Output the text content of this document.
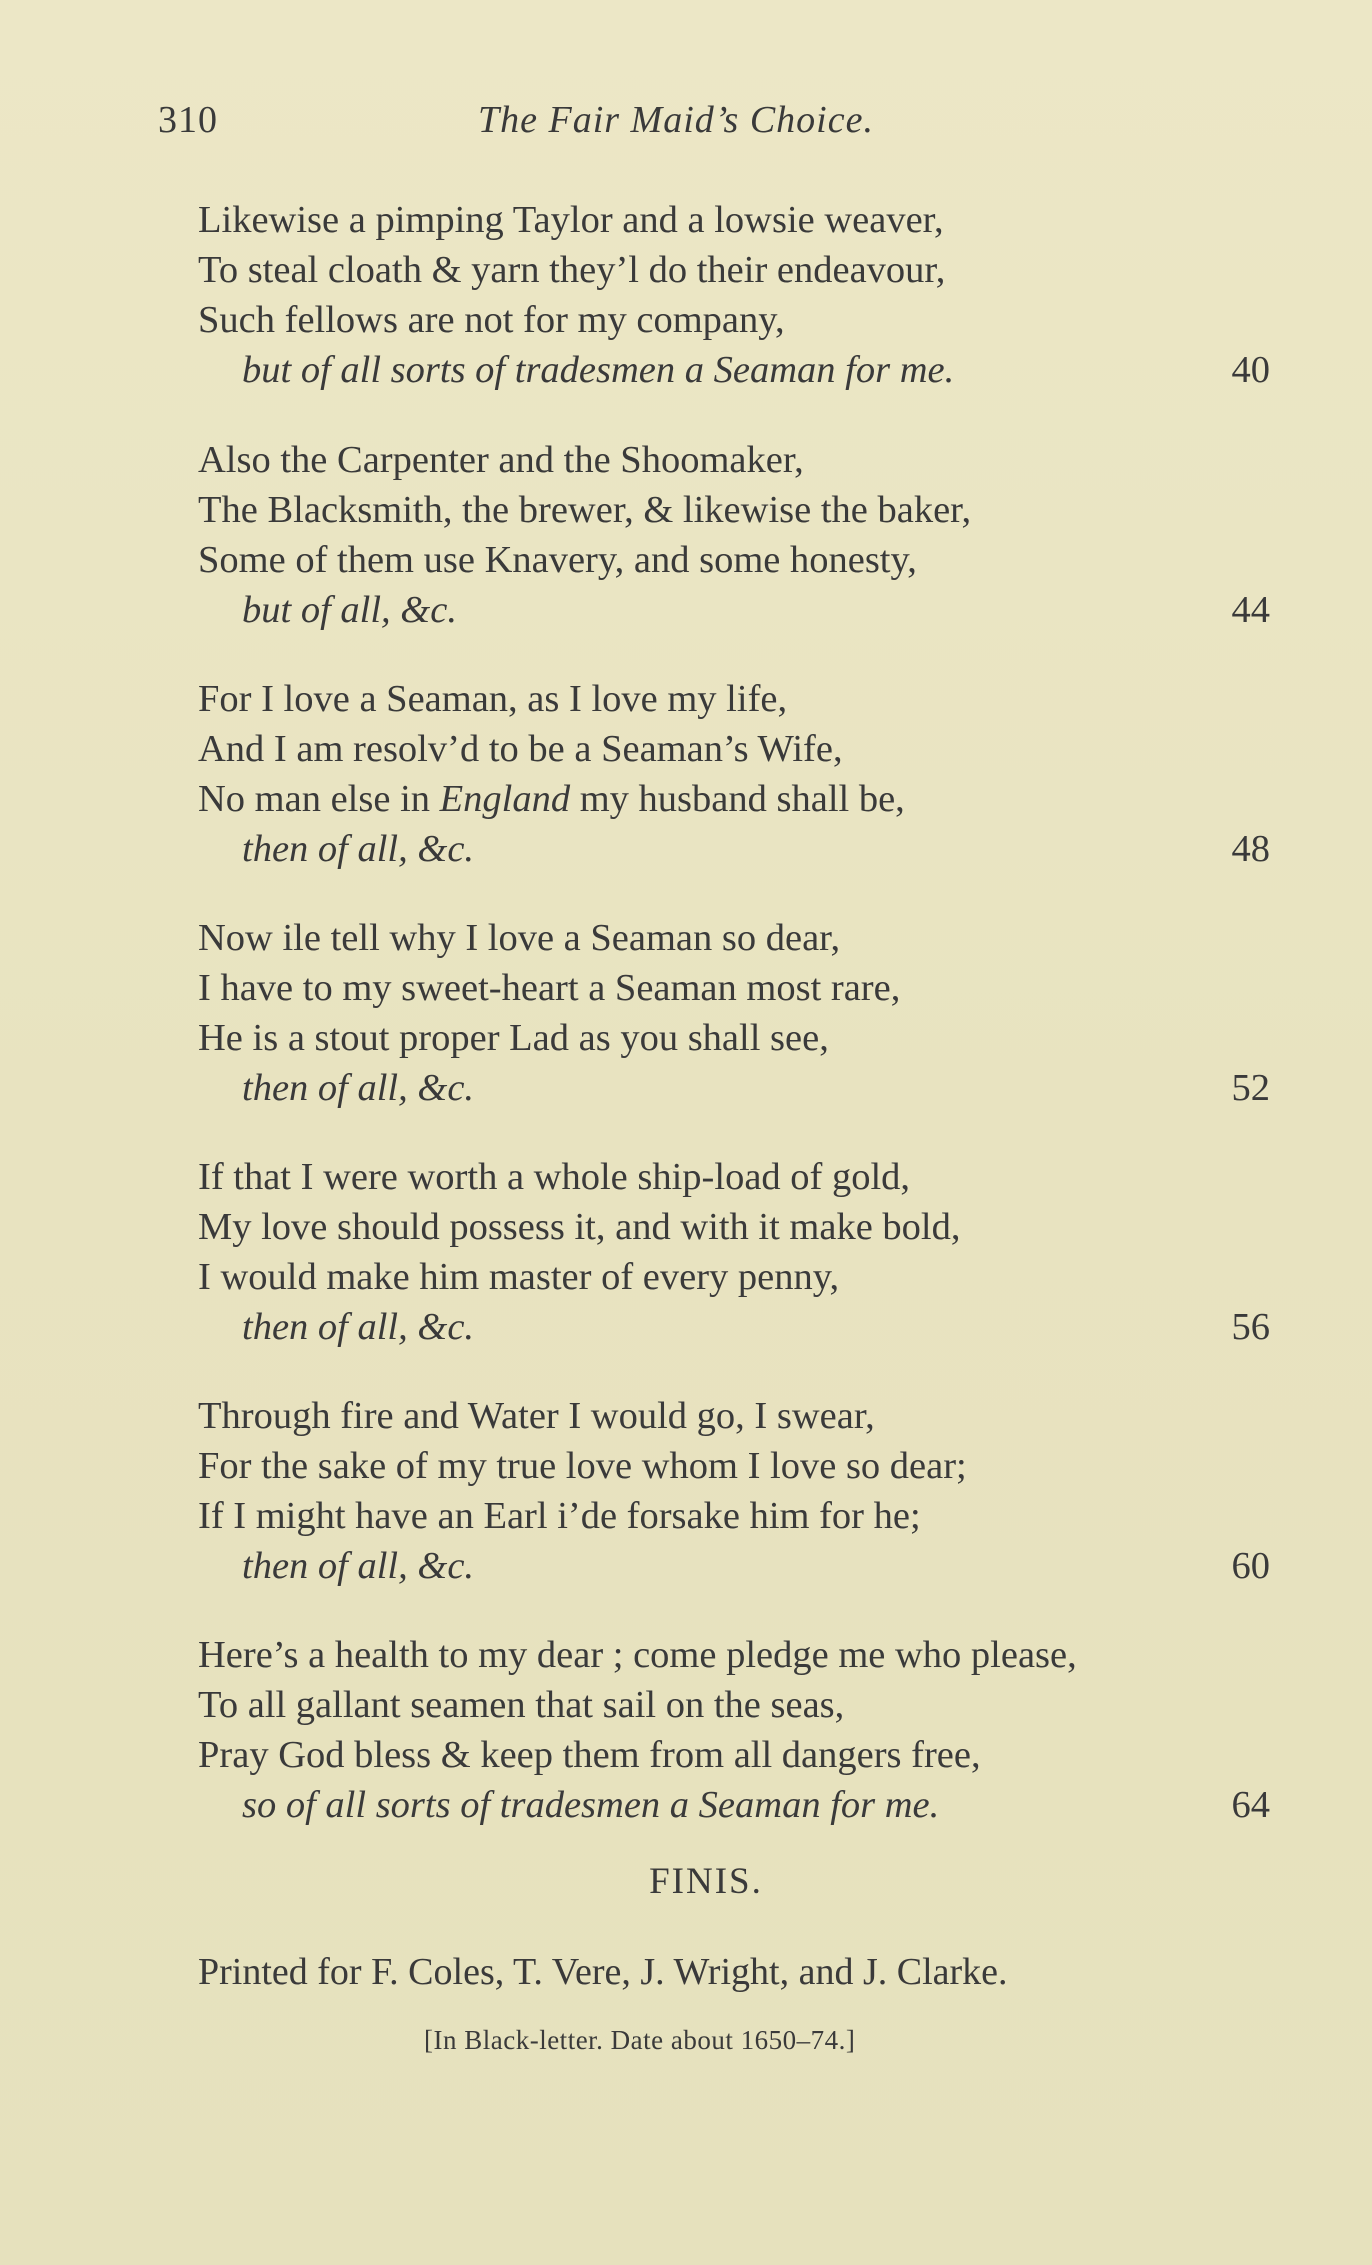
310	The Fair Maid’s Choice.
Likewise a pimping Taylor and a lowsie weaver,
To steal cloath & yarn they’l do their endeavour,
Such fellows are not for my company,
but of all sorts of tradesmen a Seaman for me.	40
Also the Carpenter and the Shoomaker,
The Blacksmith, the brewer, & likewise the baker,
Some of them use Knavery, and some honesty,
but of all, &c.	44
For I love a Seaman, as I love my life,
And I am resolv’d to be a Seaman’s Wife,
No man else in England my husband shall be,
then of all, &c.	48
Now ile tell why I love a Seaman so dear,
I have to my sweet-heart a Seaman most rare,
He is a stout proper Lad as you shall see,
then of all, &c.	52
If that I were worth a whole ship-load of gold,
My love should possess it, and with it make bold,
I would make him master of every penny,
then of all, &c.	56
Through fire and Water I would go, I swear,
For the sake of my true love whom I love so dear;
If I might have an Earl i’de forsake him for he;
then of all, &c.	60
Here’s a health to my dear ; come pledge me who please,
To all gallant seamen that sail on the seas,
Pray God bless & keep them from all dangers free,
so of all sorts of tradesmen a Seaman for me.	64
FINIS.
Printed for F. Coles, T. Vere, J. Wright, and J. Clarke.
[In Black-letter. Date about 1650–74.]
